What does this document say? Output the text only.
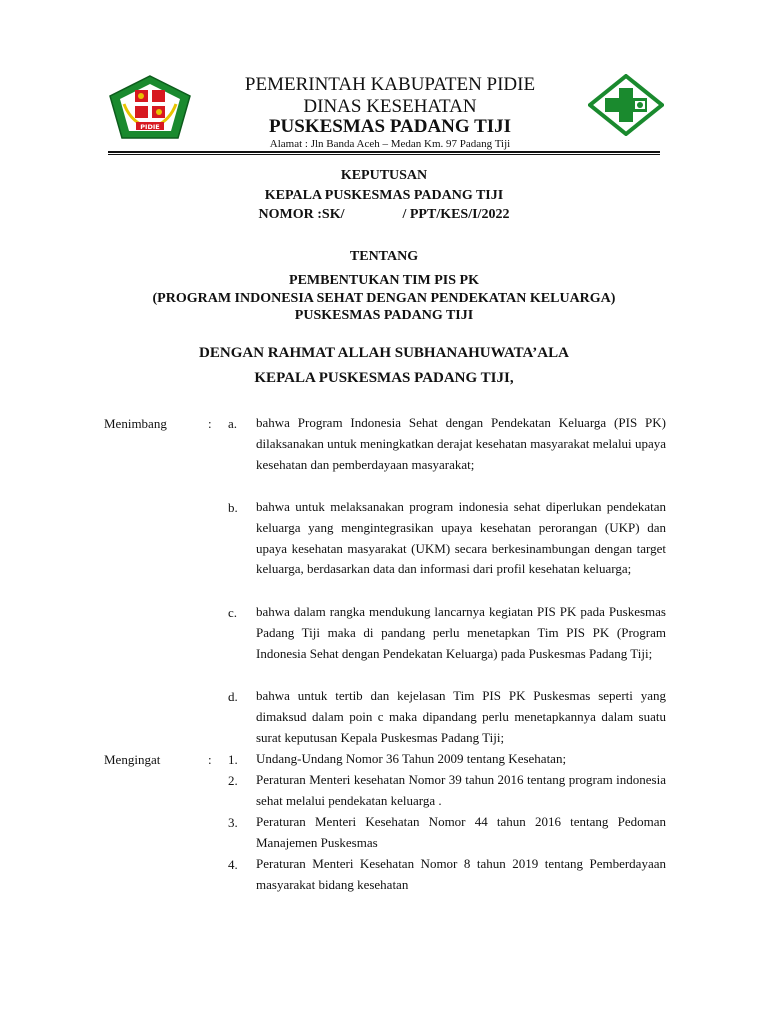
PIDIE
PEMERINTAH KABUPATEN PIDIE
DINAS KESEHATAN
PUSKESMAS PADANG TIJI
Alamat : Jln Banda Aceh – Medan Km. 97 Padang Tiji
KEPUTUSAN
KEPALA PUSKESMAS PADANG TIJI
NOMOR :SK/	/ PPT/KES/I/2022
TENTANG
PEMBENTUKAN TIM PIS PK
(PROGRAM INDONESIA SEHAT DENGAN PENDEKATAN KELUARGA)
PUSKESMAS PADANG TIJI
DENGAN RAHMAT ALLAH SUBHANAHUWATA’ALA
KEPALA PUSKESMAS PADANG TIJI,
Menimbang	: a. bahwa Program Indonesia Sehat dengan Pendekatan Keluarga (PIS PK) dilaksanakan untuk meningkatkan derajat kesehatan masyarakat melalui upaya kesehatan dan pemberdayaan masyarakat;
b. bahwa untuk melaksanakan program indonesia sehat diperlukan pendekatan keluarga yang mengintegrasikan upaya kesehatan perorangan (UKP) dan upaya kesehatan masyarakat (UKM) secara berkesinambungan dengan target keluarga, berdasarkan data dan informasi dari profil kesehatan keluarga;
c. bahwa dalam rangka mendukung lancarnya kegiatan PIS PK pada Puskesmas Padang Tiji maka di pandang perlu menetapkan Tim PIS PK (Program Indonesia Sehat dengan Pendekatan Keluarga) pada Puskesmas Padang Tiji;
d. bahwa untuk tertib dan kejelasan Tim PIS PK Puskesmas seperti yang dimaksud dalam poin c maka dipandang perlu menetapkannya dalam suatu surat keputusan Kepala Puskesmas Padang Tiji;
Mengingat	: 1. Undang-Undang Nomor 36 Tahun 2009 tentang Kesehatan;
2. Peraturan Menteri kesehatan Nomor 39 tahun 2016 tentang program indonesia sehat melalui pendekatan keluarga .
3. Peraturan Menteri Kesehatan Nomor 44 tahun 2016 tentang Pedoman Manajemen Puskesmas
4. Peraturan Menteri Kesehatan Nomor 8 tahun 2019 tentang Pemberdayaan masyarakat bidang kesehatan
